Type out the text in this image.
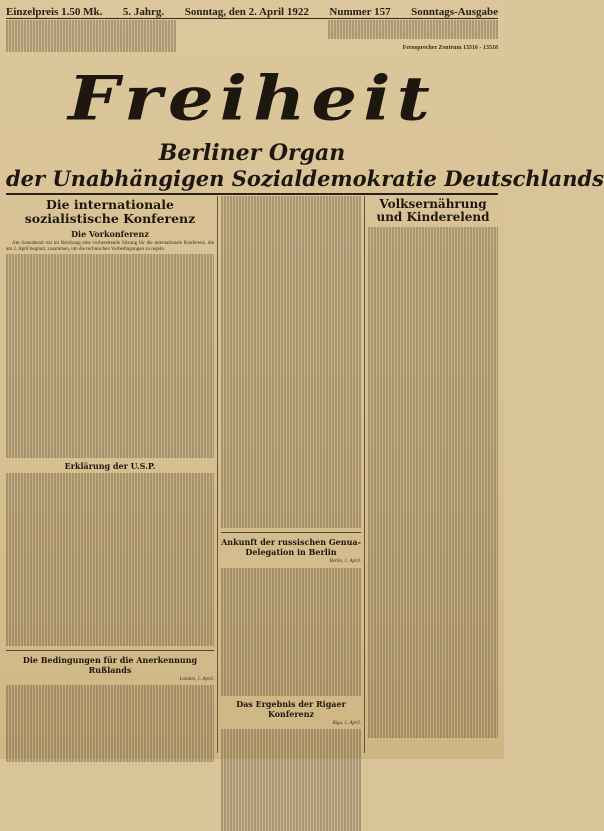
Einzelpreis 1.50 Mk. 5. Jahrg. Sonntag, den 2. April 1922 Nummer 157 Sonntags-Ausgabe
Fernsprecher Zentrum 13516 - 13518
Freiheit
Berliner Organ
der Unabhängigen Sozialdemokratie Deutschlands
Die internationale sozialistische Konferenz
Die Vorkonferenz

Am Sonnabend trat im Reichstag eine vorbereitende Sitzung für die internationale Konferenz, die am 2. April beginnt, zusammen, um die technischen Vorbedingungen zu regeln.

Erklärung der U.S.P.
Die Bedingungen für die Anerkennung Rußlands
London, 1. April.
Ankunft der russischen Genua-Delegation in Berlin
Berlin, 1. April.
Das Ergebnis der Rigaer Konferenz
Riga, 1. April.
Volksernährung und Kinderelend
